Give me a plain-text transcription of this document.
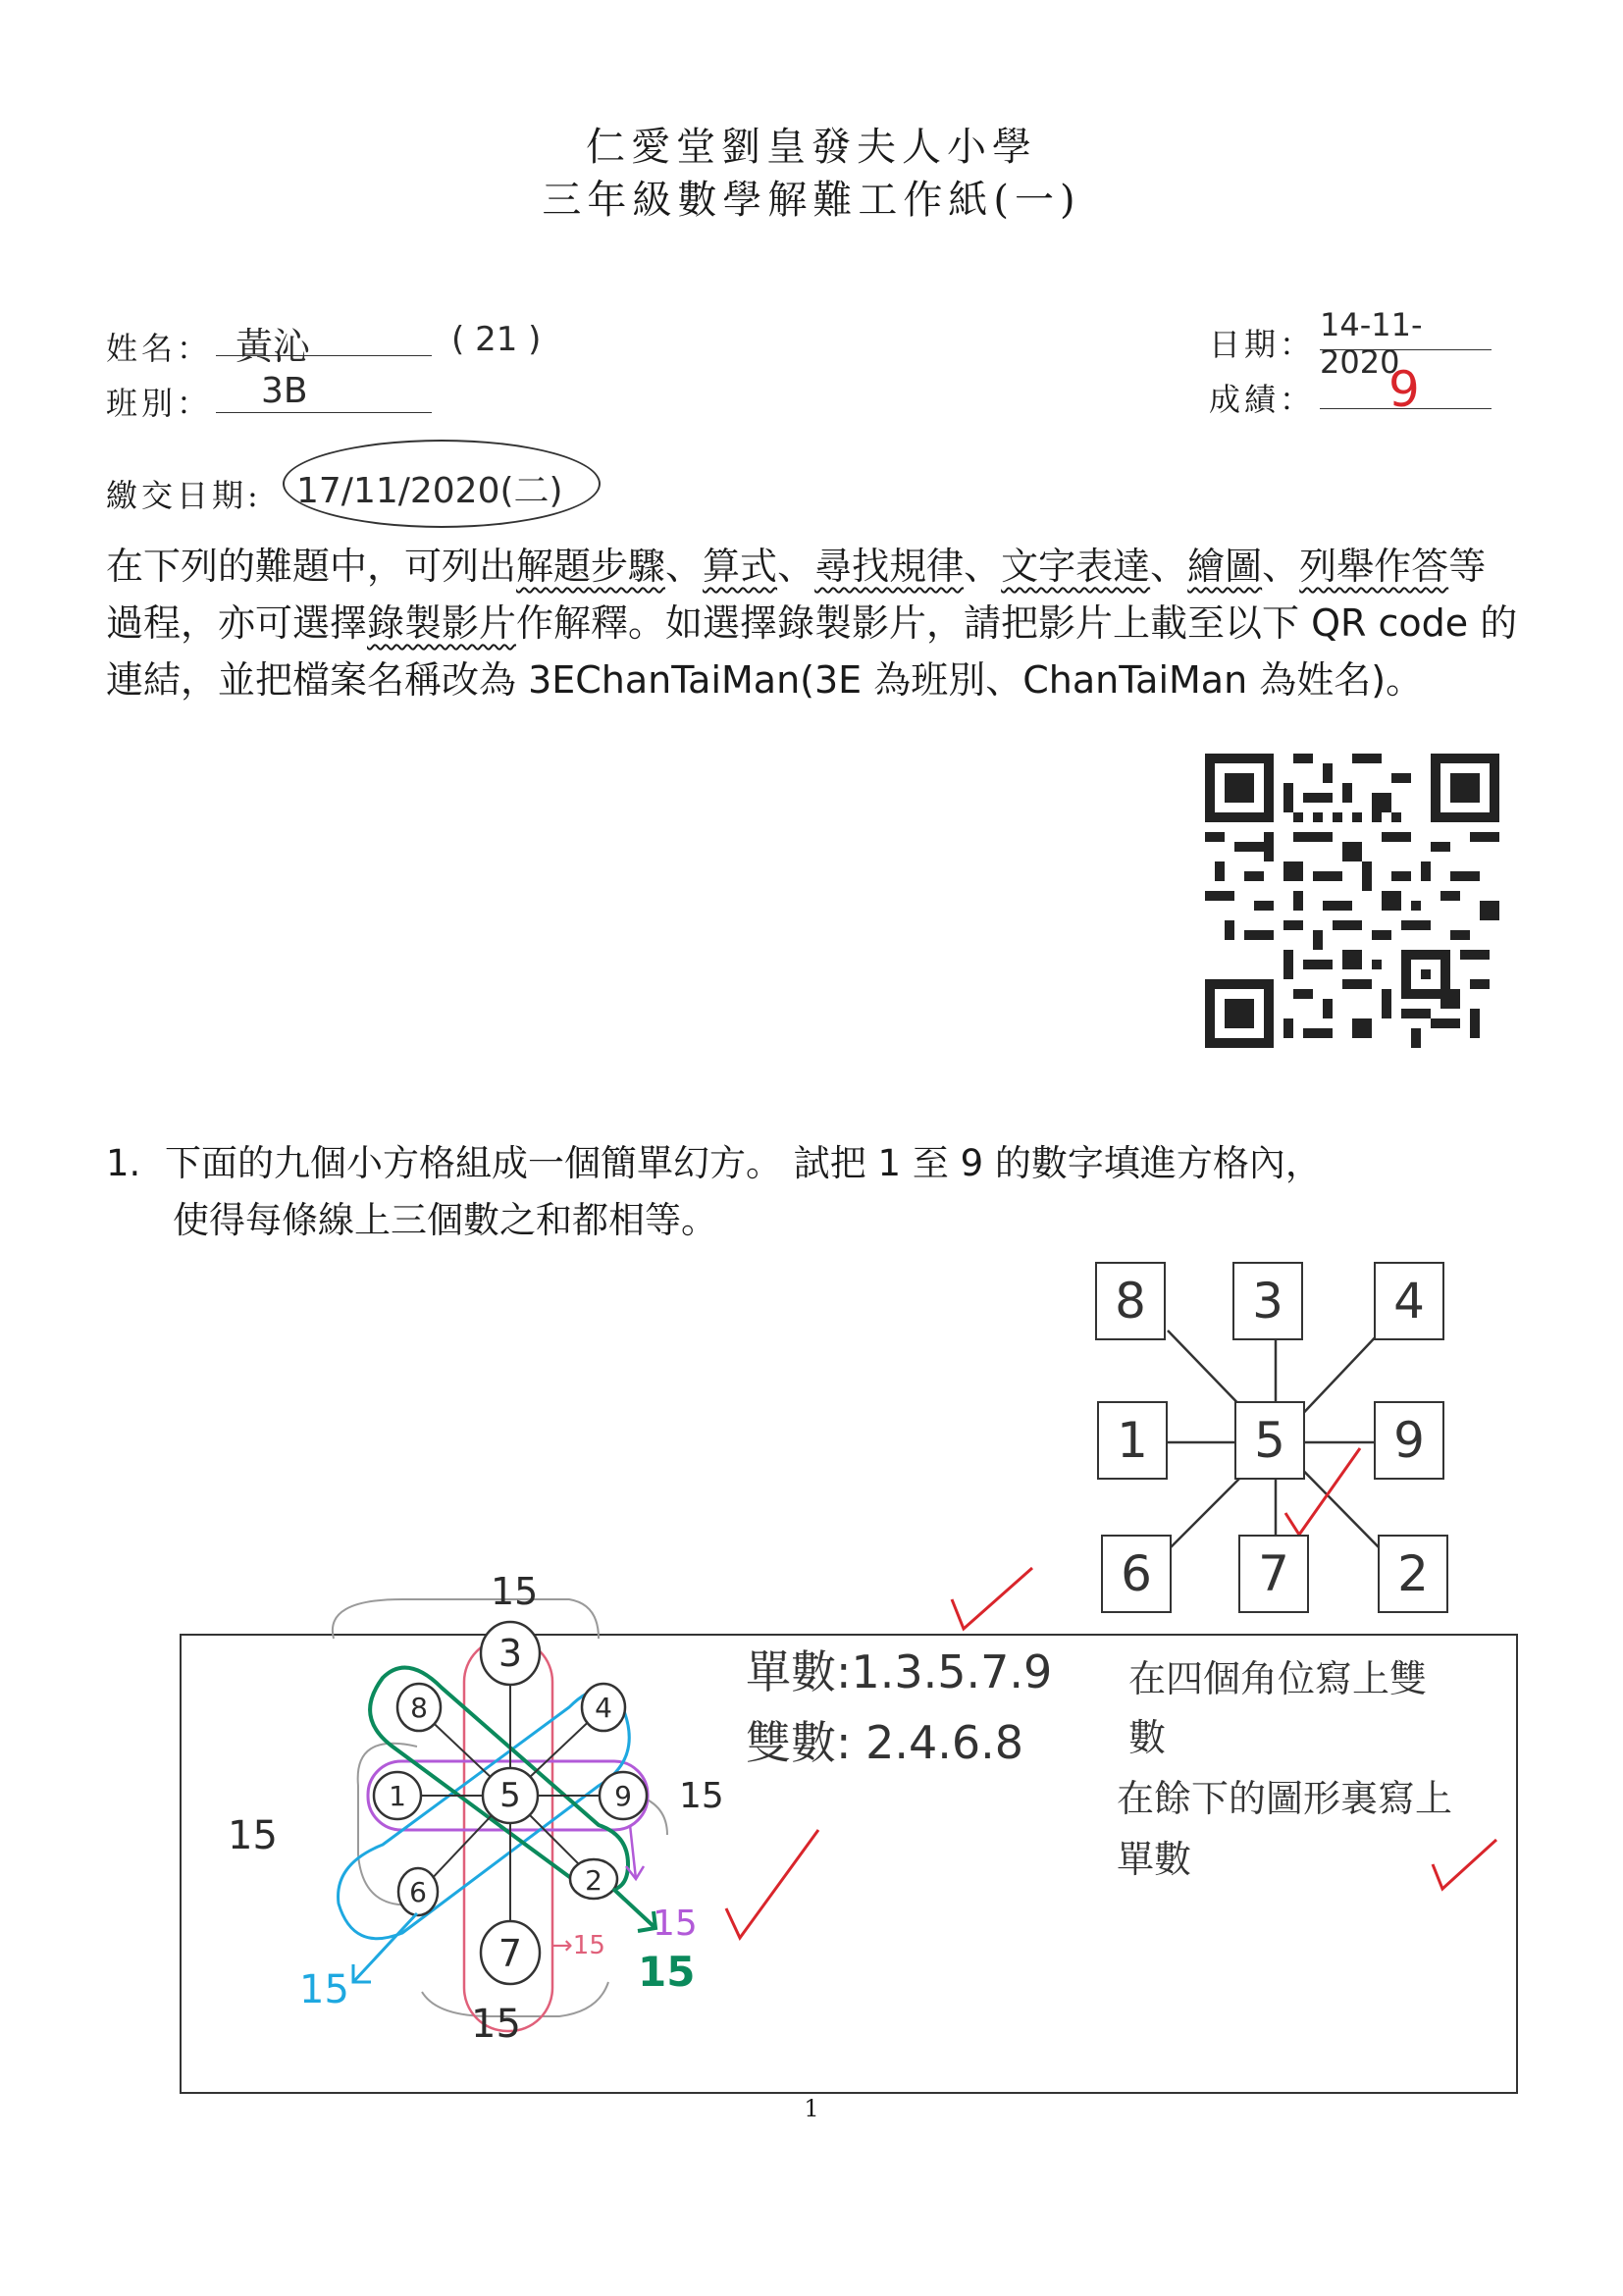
仁愛堂劉皇發夫人小學
三年級數學解難工作紙(一)
姓名： 黃沁	( 21 )
班別：	3B
日期：
14-11-2020
成績：	9
繳交日期: 17/11/2020(二)

在下列的難題中，可列出解題步驟、算式、尋找規律、文字表達、繪圖、列舉作答等

過程，亦可選擇錄製影片作解釋。如選擇錄製影片，請把影片上載至以下 QR code 的

連結，並把檔案名稱改為 3EChanTaiMan(3E 為班別、ChanTaiMan 為姓名)。

1. 下面的九個小方格組成一個簡單幻方。 試把 1 至 9 的數字填進方格內，
使得每條線上三個數之和都相等。
8	3	4
1	5	9
6	7	2
15
15
15
15
15
15
15
3
8	4
1	5	9
6	2
7 →15
單數:1.3.5.7.9
雙數: 2.4.6.8
在四個角位寫上雙
數
在餘下的圖形裏寫上
單數
1
